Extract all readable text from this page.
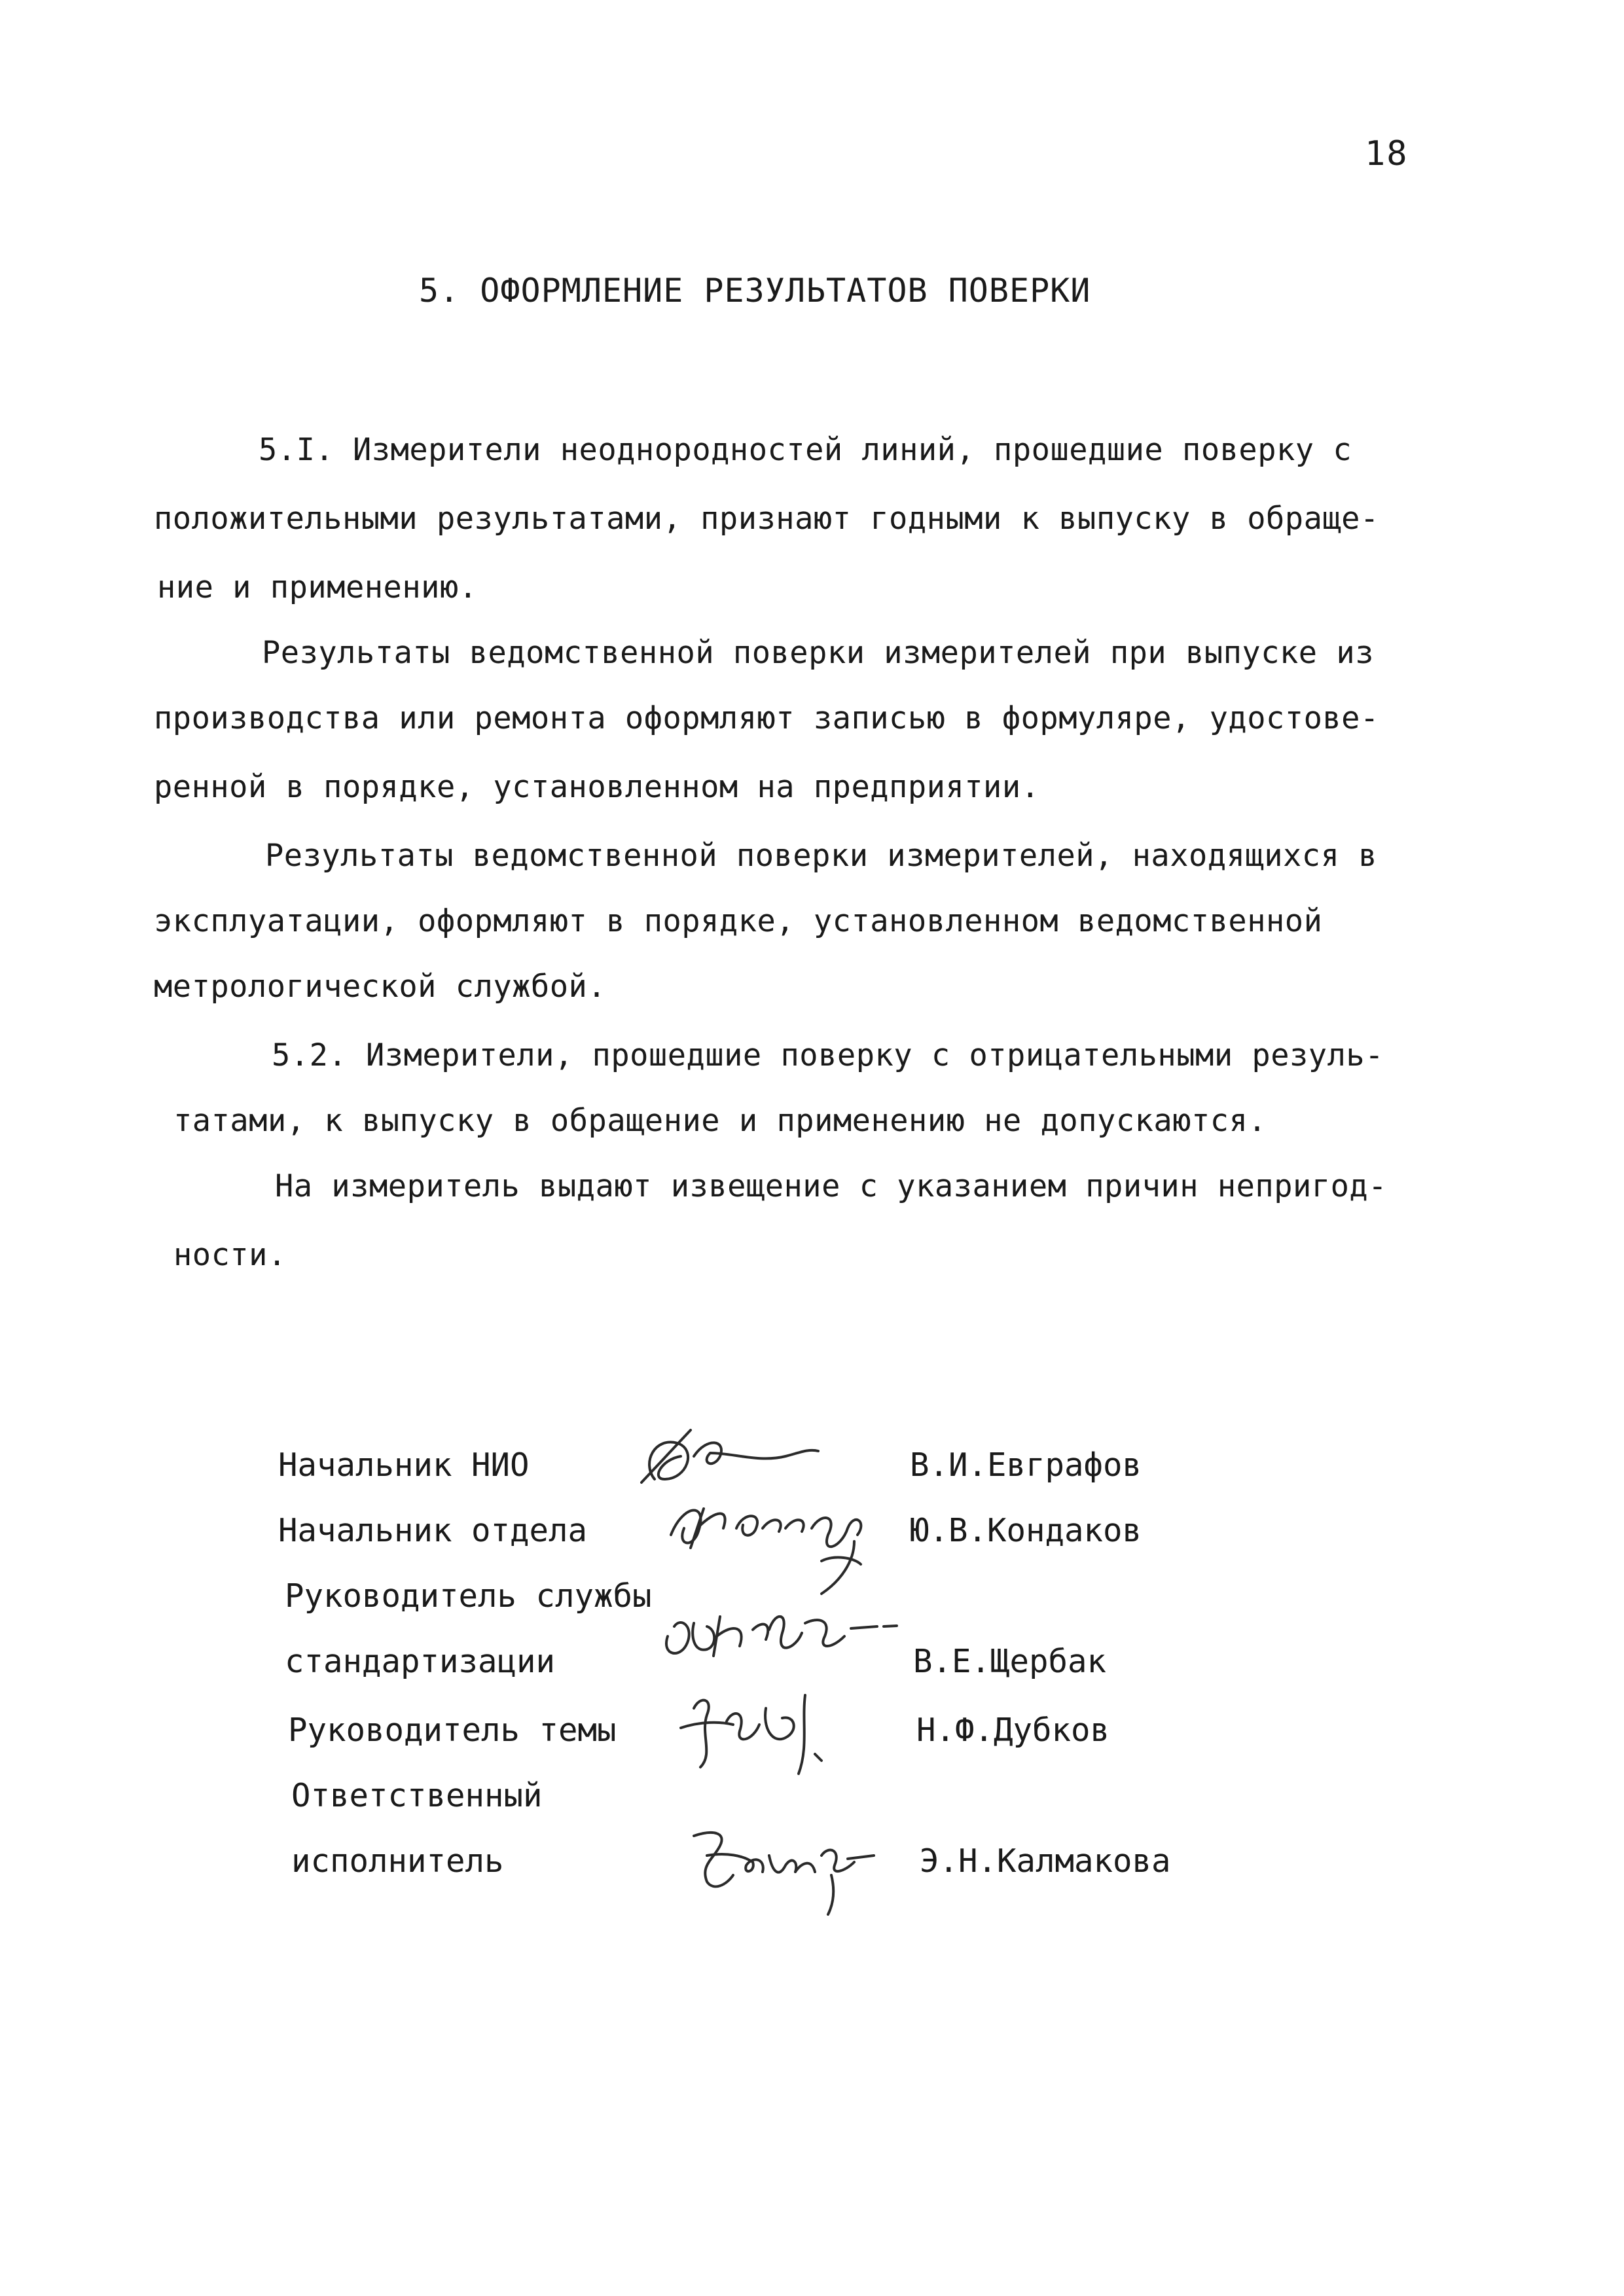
18
5. ОФОРМЛЕНИЕ РЕЗУЛЬТАТОВ ПОВЕРКИ
5.I. Измерители неоднородностей линий, прошедшие поверку с
положительными результатами, признают годными к выпуску в обраще-
ние и применению.
Результаты ведомственной поверки измерителей при выпуске из
производства или ремонта оформляют записью в формуляре, удостове-
ренной в порядке, установленном на предприятии.
Результаты ведомственной поверки измерителей, находящихся в
эксплуатации, оформляют в порядке, установленном ведомственной
метрологической службой.
5.2. Измерители, прошедшие поверку с отрицательными резуль-
татами, к выпуску в обращение и применению не допускаются.
На измеритель выдают извещение с указанием причин непригод-
ности.
Начальник НИО	В.И.Евграфов
Начальник отдела	Ю.В.Кондаков
Руководитель службы
стандартизации	В.Е.Щербак
Руководитель темы	Н.Ф.Дубков
Ответственный
исполнитель	Э.Н.Калмакова
